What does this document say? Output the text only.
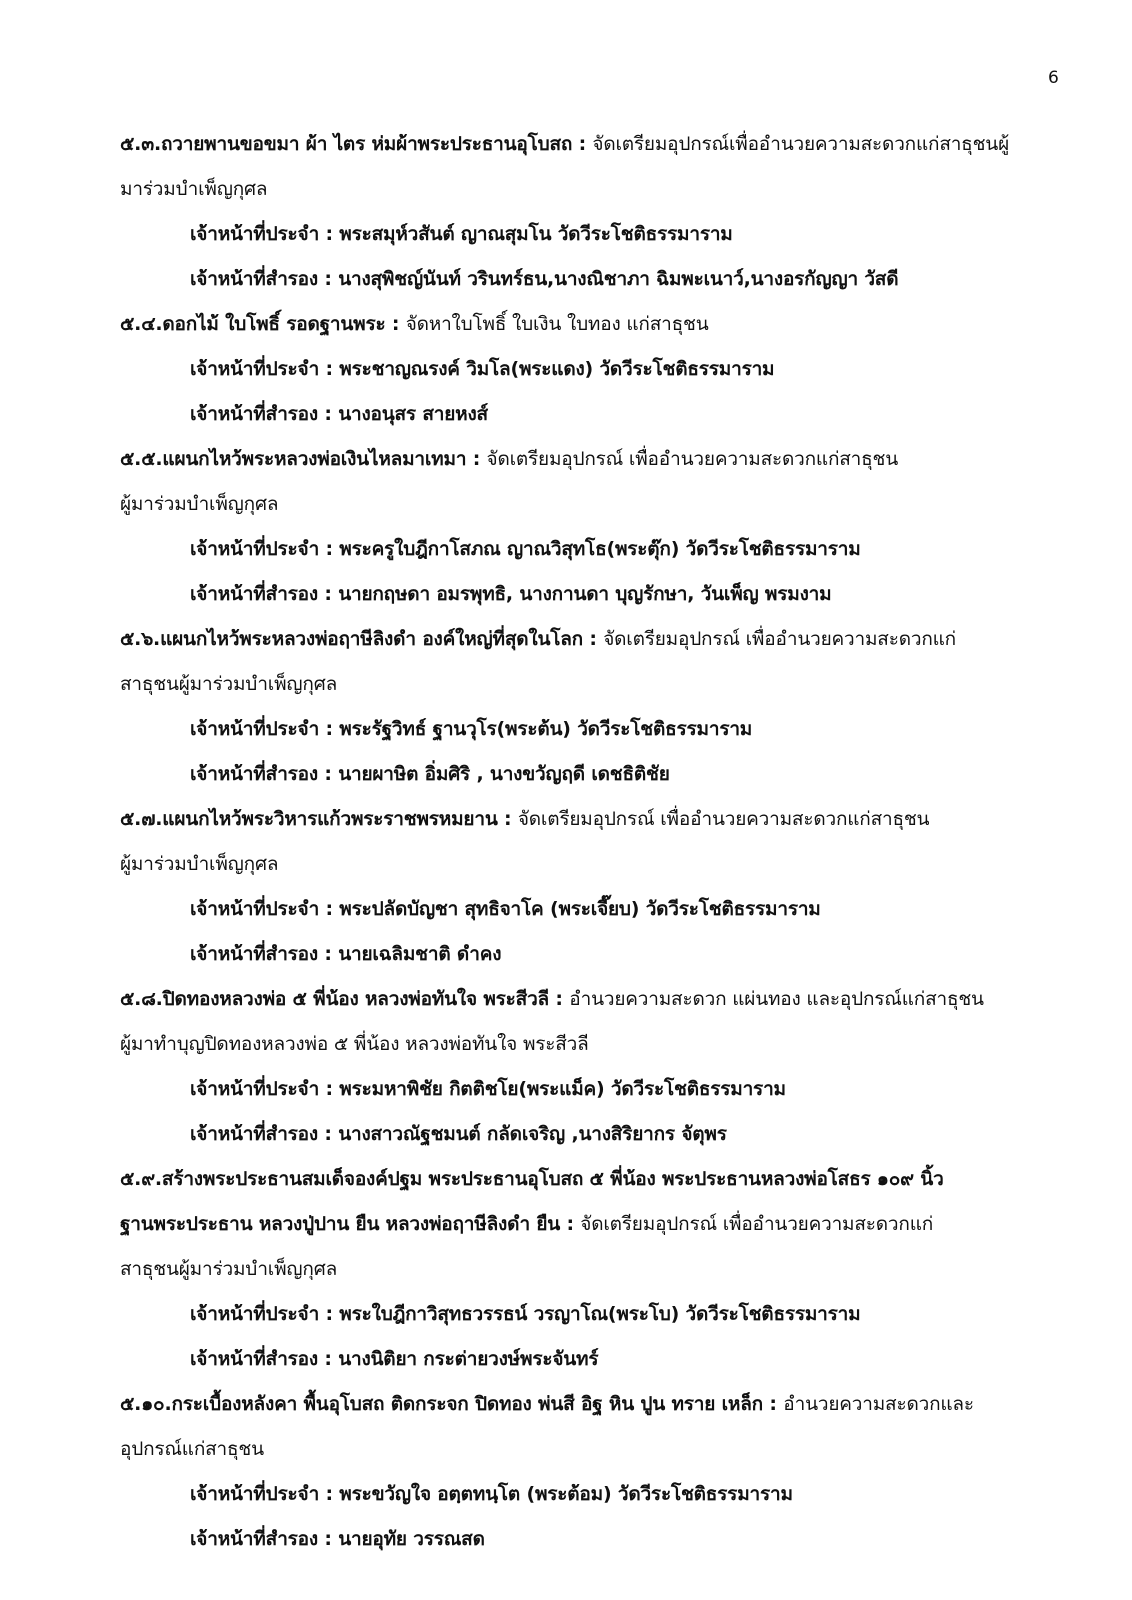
6
๕.๓.ถวายพานขอขมา ผ้า ไตร ห่มผ้าพระประธานอุโบสถ : จัดเตรียมอุปกรณ์เพื่ออำนวยความสะดวกแก่สาธุชนผู้
มาร่วมบำเพ็ญกุศล
เจ้าหน้าที่ประจำ : พระสมุห์วสันต์ ญาณสุมโน วัดวีระโชติธรรมาราม
เจ้าหน้าที่สำรอง : นางสุพิชญ์นันท์ วรินทร์ธน,นางณิชาภา ฉิมพะเนาว์,นางอรกัญญา วัสดี
๕.๔.ดอกไม้ ใบโพธิ์ รอดฐานพระ : จัดหาใบโพธิ์ ใบเงิน ใบทอง แก่สาธุชน
เจ้าหน้าที่ประจำ : พระชาญณรงค์ วิมโล(พระแดง) วัดวีระโชติธรรมาราม
เจ้าหน้าที่สำรอง : นางอนุสร สายหงส์
๕.๕.แผนกไหว้พระหลวงพ่อเงินไหลมาเทมา : จัดเตรียมอุปกรณ์ เพื่ออำนวยความสะดวกแก่สาธุชน
ผู้มาร่วมบำเพ็ญกุศล
เจ้าหน้าที่ประจำ : พระครูใบฎีกาโสภณ ญาณวิสุทโธ(พระตุ๊ก) วัดวีระโชติธรรมาราม
เจ้าหน้าที่สำรอง : นายกฤษดา อมรพุทธิ, นางกานดา บุญรักษา, วันเพ็ญ พรมงาม
๕.๖.แผนกไหว้พระหลวงพ่อฤาษีลิงดำ องค์ใหญ่ที่สุดในโลก : จัดเตรียมอุปกรณ์ เพื่ออำนวยความสะดวกแก่
สาธุชนผู้มาร่วมบำเพ็ญกุศล
เจ้าหน้าที่ประจำ : พระรัฐวิทธ์ ฐานวุโร(พระต้น) วัดวีระโชติธรรมาราม
เจ้าหน้าที่สำรอง : นายผาษิต อิ่มศิริ , นางขวัญฤดี เดชธิติชัย
๕.๗.แผนกไหว้พระวิหารแก้วพระราชพรหมยาน : จัดเตรียมอุปกรณ์ เพื่ออำนวยความสะดวกแก่สาธุชน
ผู้มาร่วมบำเพ็ญกุศล
เจ้าหน้าที่ประจำ : พระปลัดบัญชา สุทธิจาโค (พระเจี๊ยบ) วัดวีระโชติธรรมาราม
เจ้าหน้าที่สำรอง : นายเฉลิมชาติ ดำคง
๕.๘.ปิดทองหลวงพ่อ ๕ พี่น้อง หลวงพ่อทันใจ พระสีวลี : อำนวยความสะดวก แผ่นทอง และอุปกรณ์แก่สาธุชน
ผู้มาทำบุญปิดทองหลวงพ่อ ๕ พี่น้อง หลวงพ่อทันใจ พระสีวลี
เจ้าหน้าที่ประจำ : พระมหาพิชัย กิตติชโย(พระแม็ค) วัดวีระโชติธรรมาราม
เจ้าหน้าที่สำรอง : นางสาวณัฐชมนต์ กลัดเจริญ ,นางสิริยากร จัตุพร
๕.๙.สร้างพระประธานสมเด็จองค์ปฐม พระประธานอุโบสถ ๕ พี่น้อง พระประธานหลวงพ่อโสธร ๑๐๙ นิ้ว
ฐานพระประธาน หลวงปู่ปาน ยืน หลวงพ่อฤาษีลิงดำ ยืน : จัดเตรียมอุปกรณ์ เพื่ออำนวยความสะดวกแก่
สาธุชนผู้มาร่วมบำเพ็ญกุศล
เจ้าหน้าที่ประจำ : พระใบฎีกาวิสุทธวรรธน์ วรญาโณ(พระโบ) วัดวีระโชติธรรมาราม
เจ้าหน้าที่สำรอง : นางนิติยา กระต่ายวงษ์พระจันทร์
๕.๑๐.กระเบื้องหลังคา พื้นอุโบสถ ติดกระจก ปิดทอง พ่นสี อิฐ หิน ปูน ทราย เหล็ก : อำนวยความสะดวกและ
อุปกรณ์แก่สาธุชน
เจ้าหน้าที่ประจำ : พระขวัญใจ อตฺตทนฺโต (พระต้อม) วัดวีระโชติธรรมาราม
เจ้าหน้าที่สำรอง : นายอุทัย วรรณสด
